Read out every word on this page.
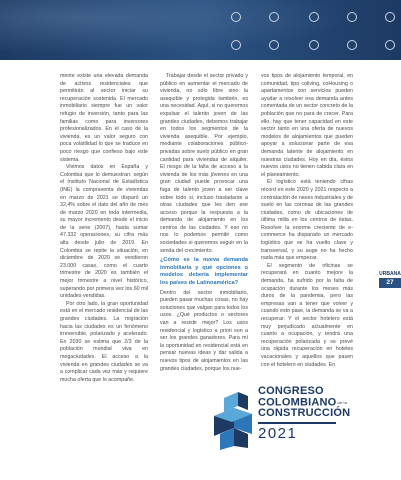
mente existe una elevada demanda de activos residenciales que permitirán al sector iniciar su recuperación sostenida. El mercado inmobiliario siempre fue un valor refugio de inversión, tanto para las familias como para inversores profesionalizados. En el caso de la vivienda, es un valor seguro con poca volatilidad lo que se traduce en poco riesgo que confieso bajo este sistema.

Vivimos datos en España y Colombia que lo demuestran: según el Instituto Nacional de Estadística (INE) la compraventa de viviendas en marzo de 2021 se disparó un 32,4% sobre el dato del año de mes de marzo 2020 en toda intermedia, su mayor incremento desde el inicio de la serie (2007), hasta sumar 47.332 operaciones, su cifra más alta desde julio de 2019. En Colombia se repite la situación, en diciembre de 2020 se vendieron 23.000 casas, como el cuarto trimestre de 2020 es también el mejor trimestre a nivel histórico, superando por primera vez los 60 mil unidades vendidas.

Por otro lado, la gran oportunidad está en el mercado residencial de las grandes ciudades. La migración hacia las ciudades es un fenómeno irreversible, polarizado y acelerado. En 2030 se estima que 2/3 de la población mundial viva en megaciudades. El acceso a la vivienda en grandes ciudades se va a complicar cada vez más y requiere mucha oferta que lo acompañe.

Trabajar desde el sector privado y público en aumentar el mercado de vivienda, no sólo libre sino la asequible y protegida también, es una necesidad. Aquí, si no queremos expulsar el talento joven de las grandes ciudades, debemos trabajar en todos los segmentos de la vivienda asequible. Por ejemplo, mediante colaboraciones público-privadas sobre suelo público en gran cantidad para viviendas de alquiler. El riesgo de la falta de acceso a la vivienda de los más jóvenes en una gran ciudad puede provocar una fuga de talento joven a ser clave sobre todo si, incluso trasladarse a otras ciudades que les den ese acceso porque la respuesta a la demanda de alojamiento en los centros de las ciudades. Y eso no nos lo podemos permitir como sociedades si queremos seguir en la senda del crecimiento.

¿Cómo es la nueva demanda inmobiliaria y qué opciones o modelos debería implementar los países de Latinoamérica?

Dentro del sector inmobiliario, pueden pasar muchas cosas, no hay soluciones que valgan para todos los usos. ¿Qué productos o sectores van a resistir mejor? Los usos residencial y logístico a priori son a ser los grandes ganadores. Para mí la oportunidad en residencial está en pensar nuevas ideas y dar salida a nuevos tipos de alojamientos en las grandes ciudades, porque los nue-

vos tipos de alojamiento temporal, en comunidad, tipo coliving, coHousing o apartamentos con servicios pueden ayudar a resolver esa demanda antes comentada de un sector concreto de la población que no para de crecer. Para ello, hay que tener capacidad en este sector tanto en una oferta de nuevos modelos de alojamientos que pueden apoyar a solucionar parte de esa demanda latente de alojamiento en nuestras ciudades. Hoy en día, éstos nuevos usos no tienen cabida clara en el planeamiento.

El logístico está teniendo cifras récord en este 2020 y 2021 respecto a contratación de naves industriales y de suelo en las coronas de las grandes ciudades, como de ubicaciones de última milla en los centros de éstas. Resolver la enorme creciente de e-commerce ha disparado un mercado logístico que se ha vuelto clave y transversal, y su auge no ha hecho nada más que empezar.

El segmento de oficinas se recuperará en cuanto mejore la demanda, ha sufrido por la falta de ocupación durante los meses más duros de la pandemia, pero las empresas van a tener que volver y cuando esto pase, la demanda se va a recuperar. Y el sector hotelero está muy perjudicado actualmente en cuanto a ocupación, y tendrá una recuperación polarizada y se prevé una rápida recuperación en hoteles vacacionales y aquellos que pasen con el hotelero en ciudades. En

URBANA
27
CONGRESO
COLOMBIANOde la
CONSTRUCCIÓN
2021
